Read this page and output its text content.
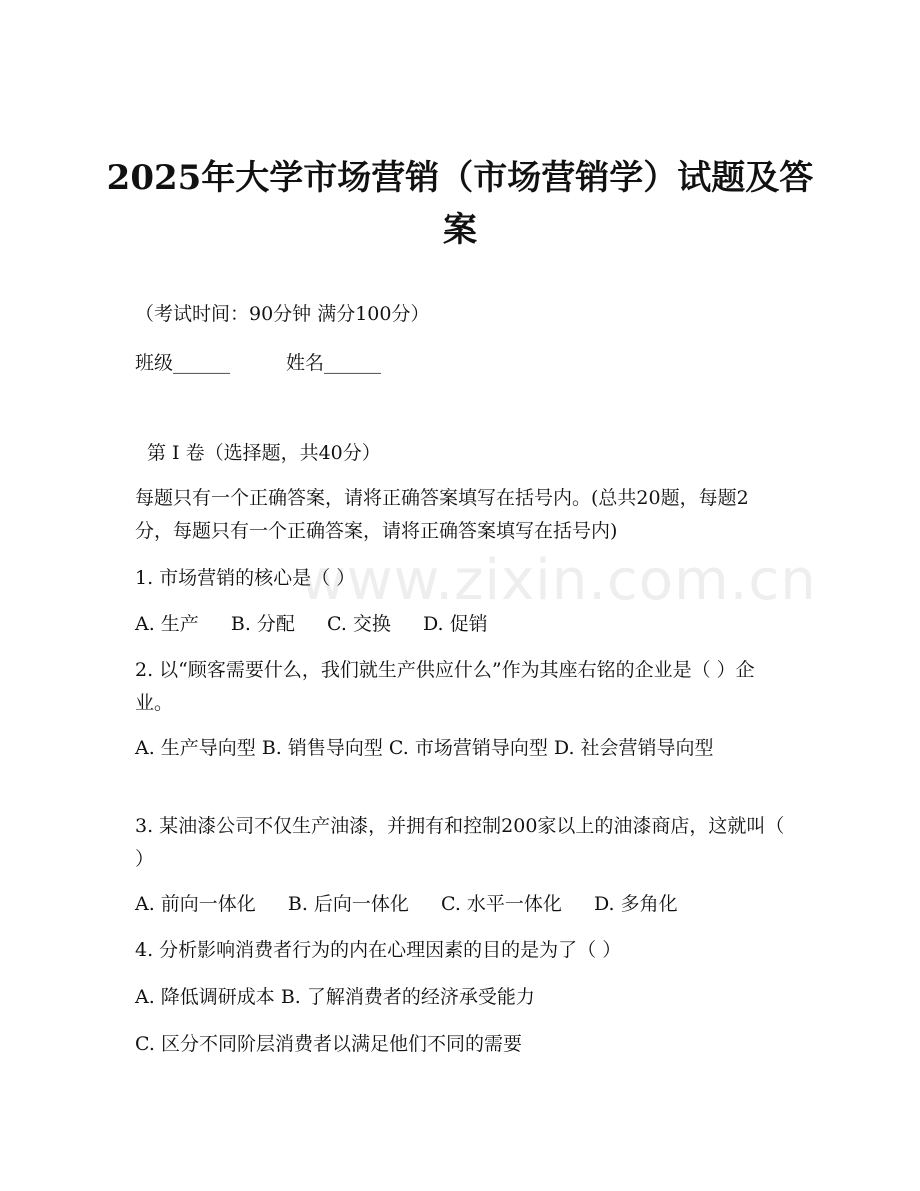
www.zixin.com.cn
2025年大学市场营销（市场营销学）试题及答案

（考试时间：90分钟 满分100分）

班级______	姓名______

第 I 卷（选择题，共40分）

每题只有一个正确答案，请将正确答案填写在括号内。(总共20题，每题2分，每题只有一个正确答案，请将正确答案填写在括号内)

1. 市场营销的核心是（ ）

A. 生产 B. 分配 C. 交换 D. 促销

2. 以“顾客需要什么，我们就生产供应什么”作为其座右铭的企业是（ ）企业。

A. 生产导向型 B. 销售导向型 C. 市场营销导向型 D. 社会营销导向型

3. 某油漆公司不仅生产油漆，并拥有和控制200家以上的油漆商店，这就叫（ ）

A. 前向一体化 B. 后向一体化 C. 水平一体化 D. 多角化

4. 分析影响消费者行为的内在心理因素的目的是为了（ ）

A. 降低调研成本 B. 了解消费者的经济承受能力

C. 区分不同阶层消费者以满足他们不同的需要
